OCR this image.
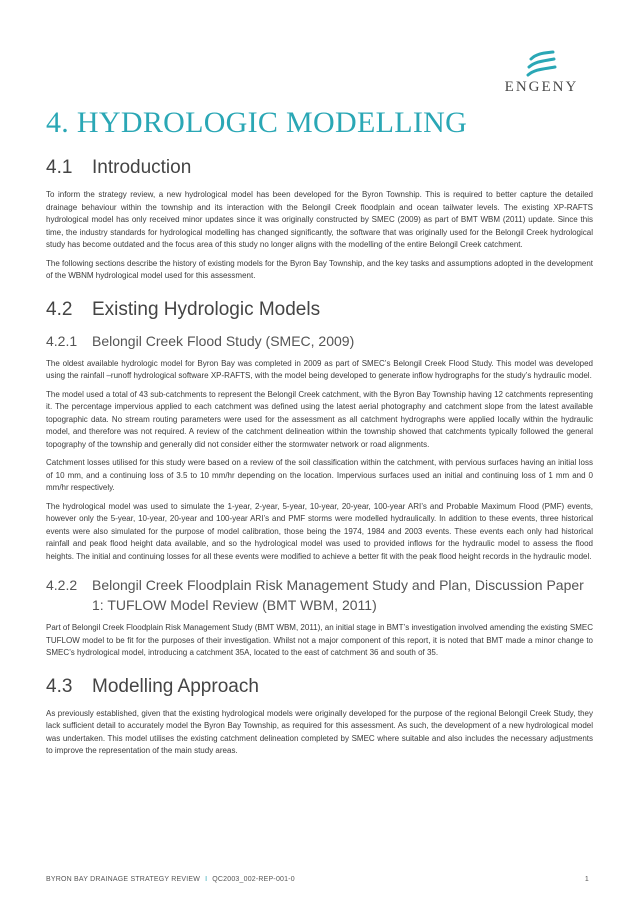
ENGENY
4. HYDROLOGIC MODELLING
4.1 Introduction

To inform the strategy review, a new hydrological model has been developed for the Byron Township. This is required to better capture the detailed drainage behaviour within the township and its interaction with the Belongil Creek floodplain and ocean tailwater levels. The existing XP-RAFTS hydrological model has only received minor updates since it was originally constructed by SMEC (2009) as part of BMT WBM (2011) update. Since this time, the industry standards for hydrological modelling has changed significantly, the software that was originally used for the Belongil Creek hydrological study has become outdated and the focus area of this study no longer aligns with the modelling of the entire Belongil Creek catchment.

The following sections describe the history of existing models for the Byron Bay Township, and the key tasks and assumptions adopted in the development of the WBNM hydrological model used for this assessment.

4.2 Existing Hydrologic Models
4.2.1 Belongil Creek Flood Study (SMEC, 2009)

The oldest available hydrologic model for Byron Bay was completed in 2009 as part of SMEC’s Belongil Creek Flood Study. This model was developed using the rainfall –runoff hydrological software XP-RAFTS, with the model being developed to generate inflow hydrographs for the study’s hydraulic model.

The model used a total of 43 sub-catchments to represent the Belongil Creek catchment, with the Byron Bay Township having 12 catchments representing it. The percentage impervious applied to each catchment was defined using the latest aerial photography and catchment slope from the latest available topographic data. No stream routing parameters were used for the assessment as all catchment hydrographs were applied locally within the hydraulic model, and therefore was not required. A review of the catchment delineation within the township showed that catchments typically followed the general topography of the township and generally did not consider either the stormwater network or road alignments.

Catchment losses utilised for this study were based on a review of the soil classification within the catchment, with pervious surfaces having an initial loss of 10 mm, and a continuing loss of 3.5 to 10 mm/hr depending on the location. Impervious surfaces used an initial and continuing loss of 1 mm and 0 mm/hr respectively.

The hydrological model was used to simulate the 1-year, 2-year, 5-year, 10-year, 20-year, 100-year ARI’s and Probable Maximum Flood (PMF) events, however only the 5-year, 10-year, 20-year and 100-year ARI’s and PMF storms were modelled hydraulically. In addition to these events, three historical events were also simulated for the purpose of model calibration, those being the 1974, 1984 and 2003 events. These events each only had historical rainfall and peak flood height data available, and so the hydrological model was used to provided inflows for the hydraulic model to assess the flood heights. The initial and continuing losses for all these events were modified to achieve a better fit with the peak flood height records in the hydraulic model.

4.2.2 Belongil Creek Floodplain Risk Management Study and Plan, Discussion Paper 1: TUFLOW Model Review (BMT WBM, 2011)

Part of Belongil Creek Floodplain Risk Management Study (BMT WBM, 2011), an initial stage in BMT’s investigation involved amending the existing SMEC TUFLOW model to be fit for the purposes of their investigation. Whilst not a major component of this report, it is noted that BMT made a minor change to SMEC’s hydrological model, introducing a catchment 35A, located to the east of catchment 36 and south of 35.

4.3 Modelling Approach

As previously established, given that the existing hydrological models were originally developed for the purpose of the regional Belongil Creek Study, they lack sufficient detail to accurately model the Byron Bay Township, as required for this assessment. As such, the development of a new hydrological model was undertaken. This model utilises the existing catchment delineation completed by SMEC where suitable and also includes the necessary adjustments to improve the representation of the main study areas.

BYRON BAY DRAINAGE STRATEGY REVIEW I QC2003_002-REP-001-0	1
